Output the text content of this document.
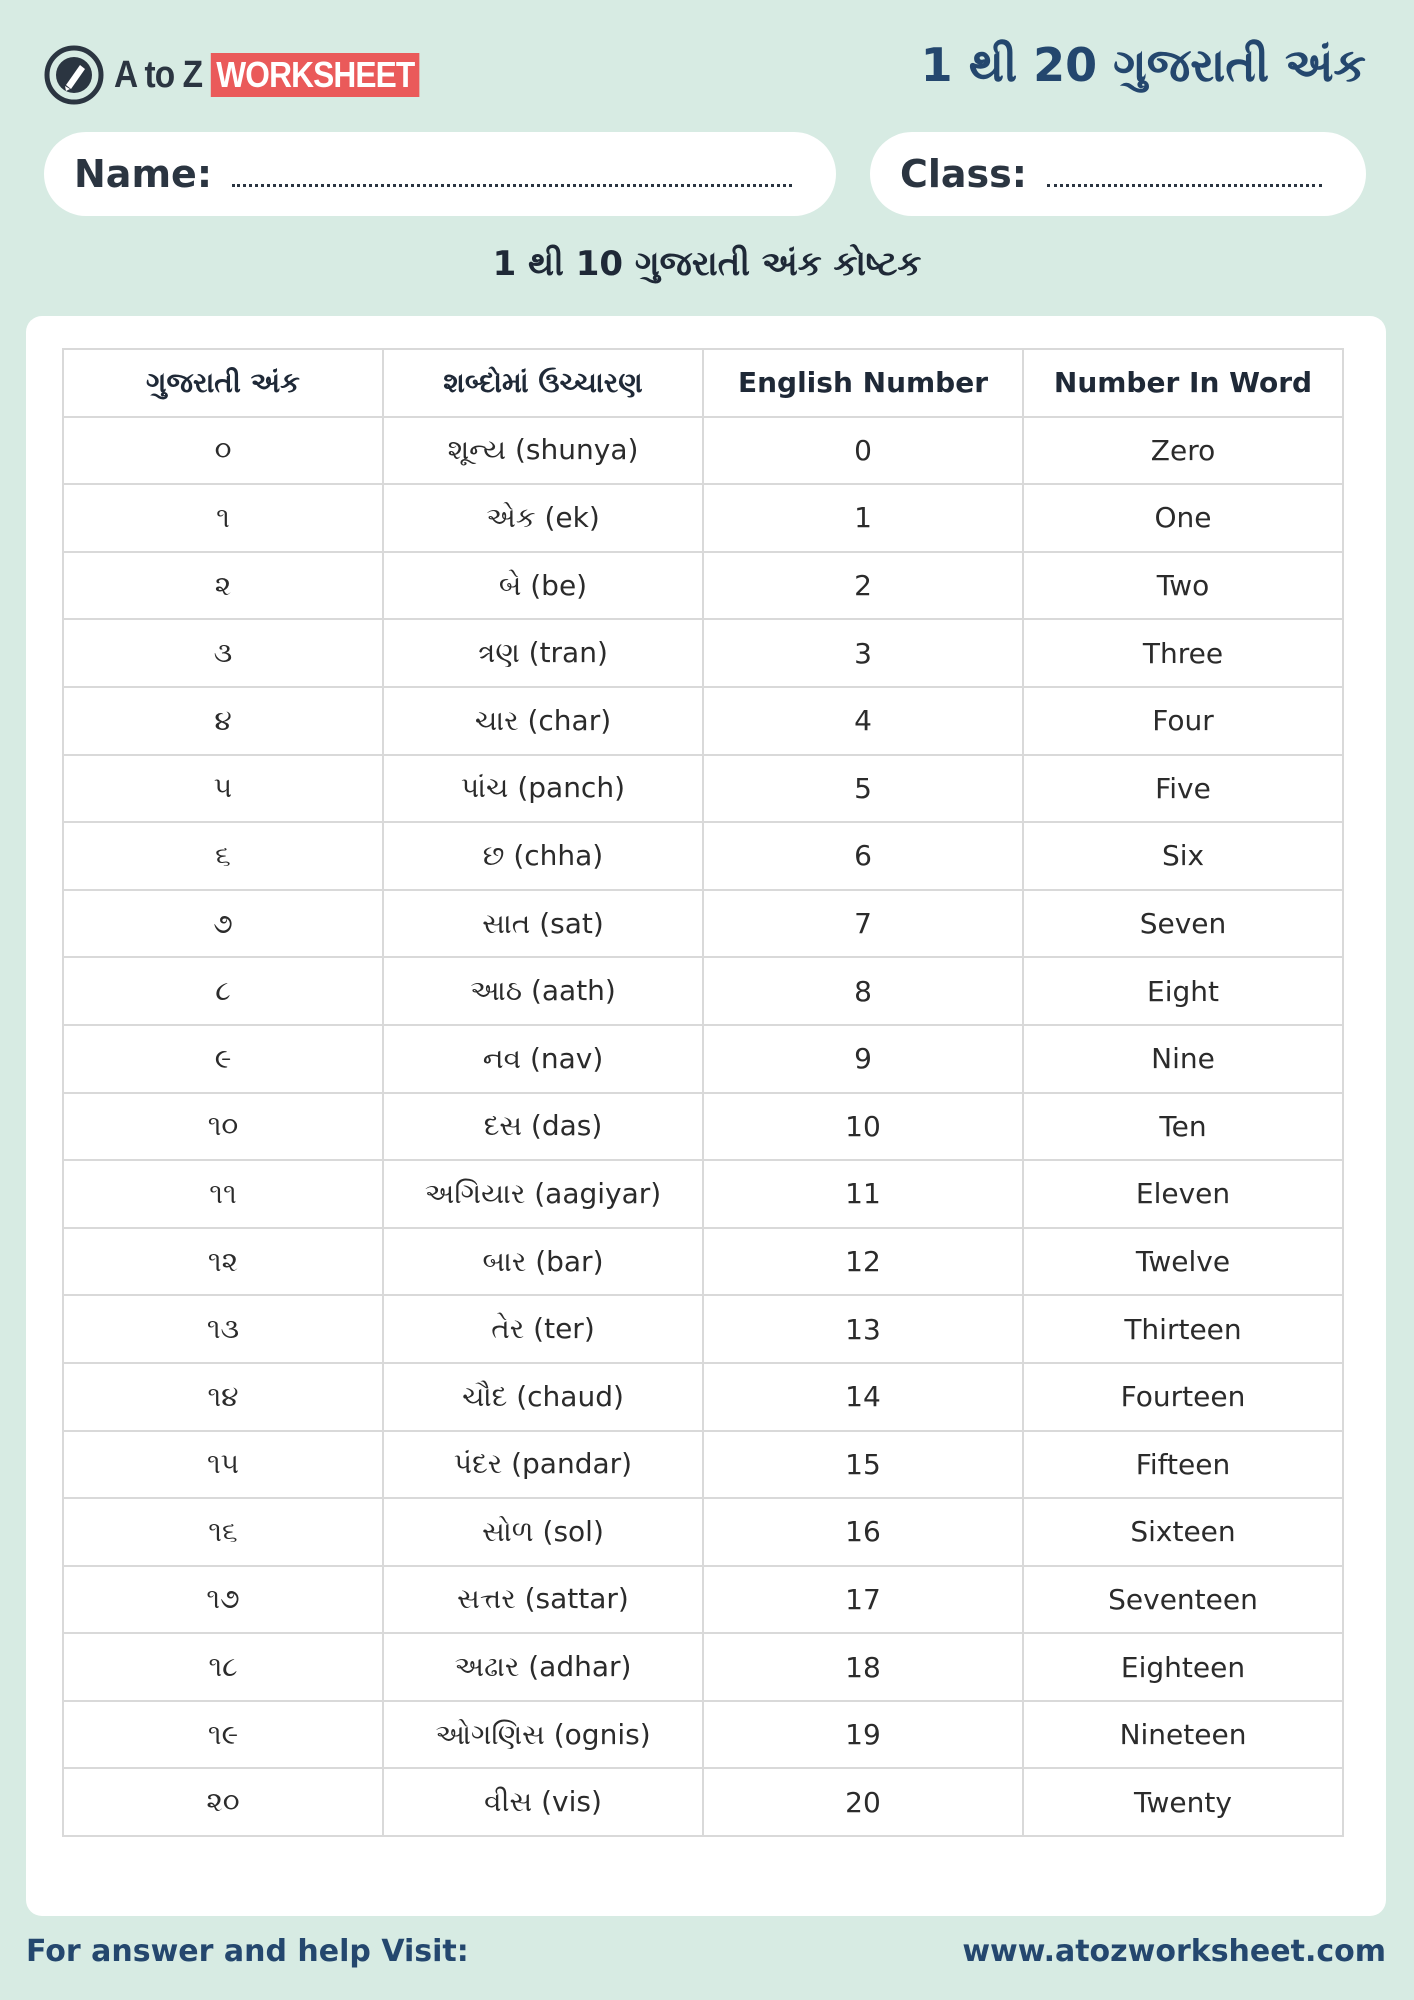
A to Z WORKSHEET	1 થી 20 ગુજરાતી અંક
Name:	Class:
1 થી 10 ગુજરાતી અંક કોષ્ટક
ગુજરાતી અંક	શબ્દોમાં ઉચ્ચારણ	English Number	Number In Word
૦	શૂન્ય (shunya)	0	Zero
૧	એક (ek)	1	One
૨	બે (be)	2	Two
૩	ત્રણ (tran)	3	Three
૪	ચાર (char)	4	Four
૫	પાંચ (panch)	5	Five
૬	છ (chha)	6	Six
૭	સાત (sat)	7	Seven
૮	આઠ (aath)	8	Eight
૯	નવ (nav)	9	Nine
૧૦	દસ (das)	10	Ten
૧૧	અગિયાર (aagiyar)	11	Eleven
૧૨	બાર (bar)	12	Twelve
૧૩	તેર (ter)	13	Thirteen
૧૪	ચૌદ (chaud)	14	Fourteen
૧૫	પંદર (pandar)	15	Fifteen
૧૬	સોળ (sol)	16	Sixteen
૧૭	સત્તર (sattar)	17	Seventeen
૧૮	અઢાર (adhar)	18	Eighteen
૧૯	ઓગણિસ (ognis)	19	Nineteen
૨૦	વીસ (vis)	20	Twenty
For answer and help Visit:	www.atozworksheet.com
